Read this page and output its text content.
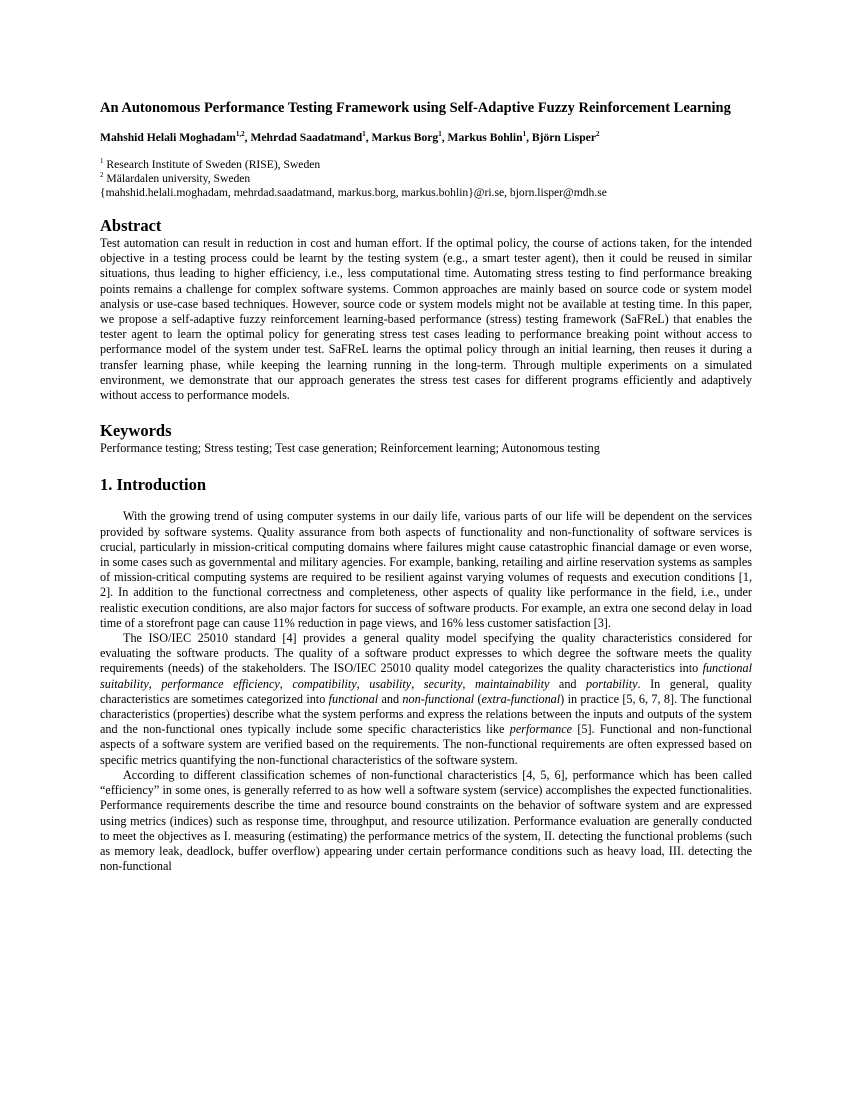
An Autonomous Performance Testing Framework using Self-Adaptive Fuzzy Reinforcement Learning
Mahshid Helali Moghadam$^{1,2}$, Mehrdad Saadatmand$^1$, Markus Borg$^1$, Markus Bohlin$^1$, Björn Lisper$^2$
$^1$ Research Institute of Sweden (RISE), Sweden
$^2$ Mälardalen university, Sweden
{mahshid.helali.moghadam, mehrdad.saadatmand, markus.borg, markus.bohlin}@ri.se, bjorn.lisper@mdh.se
Abstract

Test automation can result in reduction in cost and human effort. If the optimal policy, the course of actions taken, for the intended objective in a testing process could be learnt by the testing system (e.g., a smart tester agent), then it could be reused in similar situations, thus leading to higher efficiency, i.e., less computational time. Automating stress testing to find performance breaking points remains a challenge for complex software systems. Common approaches are mainly based on source code or system model analysis or use-case based techniques. However, source code or system models might not be available at testing time. In this paper, we propose a self-adaptive fuzzy reinforcement learning-based performance (stress) testing framework (SaFReL) that enables the tester agent to learn the optimal policy for generating stress test cases leading to performance breaking point without access to performance model of the system under test. SaFReL learns the optimal policy through an initial learning, then reuses it during a transfer learning phase, while keeping the learning running in the long-term. Through multiple experiments on a simulated environment, we demonstrate that our approach generates the stress test cases for different programs efficiently and adaptively without access to performance models.

Keywords

Performance testing; Stress testing; Test case generation; Reinforcement learning; Autonomous testing

1. Introduction

With the growing trend of using computer systems in our daily life, various parts of our life will be dependent on the services provided by software systems. Quality assurance from both aspects of functionality and non-functionality of software services is crucial, particularly in mission-critical computing domains where failures might cause catastrophic financial damage or even worse, in some cases such as governmental and military agencies. For example, banking, retailing and airline reservation systems as samples of mission-critical computing systems are required to be resilient against varying volumes of requests and execution conditions [1, 2]. In addition to the functional correctness and completeness, other aspects of quality like performance in the field, i.e., under realistic execution conditions, are also major factors for success of software products. For example, an extra one second delay in load time of a storefront page can cause 11% reduction in page views, and 16% less customer satisfaction [3].

The ISO/IEC 25010 standard [4] provides a general quality model specifying the quality characteristics considered for evaluating the software products. The quality of a software product expresses to which degree the software meets the quality requirements (needs) of the stakeholders. The ISO/IEC 25010 quality model categorizes the quality characteristics into functional suitability, performance efficiency, compatibility, usability, security, maintainability and portability. In general, quality characteristics are sometimes categorized into functional and non-functional (extra-functional) in practice [5, 6, 7, 8]. The functional characteristics (properties) describe what the system performs and express the relations between the inputs and outputs of the system and the non-functional ones typically include some specific characteristics like performance [5]. Functional and non-functional aspects of a software system are verified based on the requirements. The non-functional requirements are often expressed based on specific metrics quantifying the non-functional characteristics of the software system.

According to different classification schemes of non-functional characteristics [4, 5, 6], performance which has been called “efficiency” in some ones, is generally referred to as how well a software system (service) accomplishes the expected functionalities. Performance requirements describe the time and resource bound constraints on the behavior of software system and are expressed using metrics (indices) such as response time, throughput, and resource utilization. Performance evaluation are generally conducted to meet the objectives as I. measuring (estimating) the performance metrics of the system, II. detecting the functional problems (such as memory leak, deadlock, buffer overflow) appearing under certain performance conditions such as heavy load, III. detecting the non-functional
